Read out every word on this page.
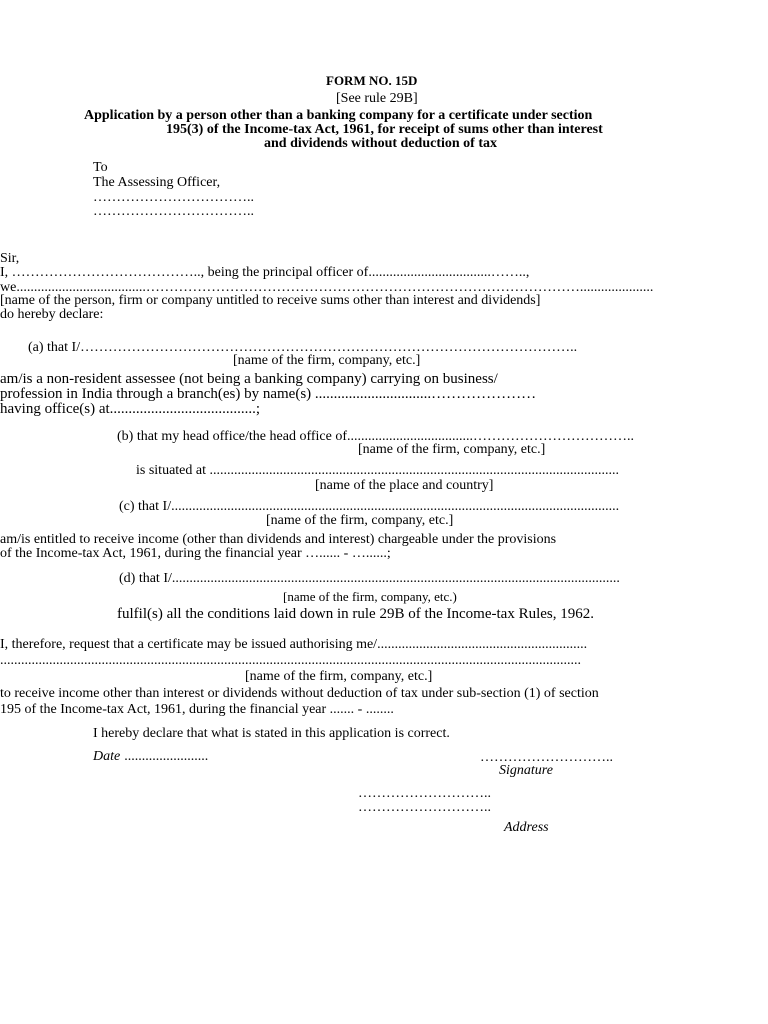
FORM NO. 15D
[See rule 29B]
Application by a person other than a banking company for a certificate under section
195(3) of the Income-tax Act, 1961, for receipt of sums other than interest
and dividends without deduction of tax
To
The Assessing Officer,
……………………………..
……………………………..
Sir,
I, ………………………………….., being the principal officer of...................................……..,
we.....................................………………………………………………………………………………….....................
[name of the person, firm or company untitled to receive sums other than interest and dividends]
do hereby declare:
(a) that I/……………………………………………………………………………………………..
[name of the firm, company, etc.]
am/is a non-resident assessee (not being a banking company) carrying on business/
profession in India through a branch(es) by name(s) ...............................…………………
having office(s) at.......................................;
(b) that my head office/the head office of....................................……………………………..
[name of the firm, company, etc.]
is situated at .....................................................................................................................
[name of the place and country]
(c) that I/................................................................................................................................
[name of the firm, company, etc.]
am/is entitled to receive income (other than dividends and interest) chargeable under the provisions
of the Income-tax Act, 1961, during the financial year …...... - …......;
(d) that I/................................................................................................................................
[name of the firm, company, etc.)
fulfil(s) all the conditions laid down in rule 29B of the Income-tax Rules, 1962.
I, therefore, request that a certificate may be issued authorising me/............................................................
......................................................................................................................................................................
[name of the firm, company, etc.]
to receive income other than interest or dividends without deduction of tax under sub-section (1) of section
195 of the Income-tax Act, 1961, during the financial year ....... - ........
I hereby declare that what is stated in this application is correct.
Date ........................	………………………..
Signature
………………………..
………………………..
Address
